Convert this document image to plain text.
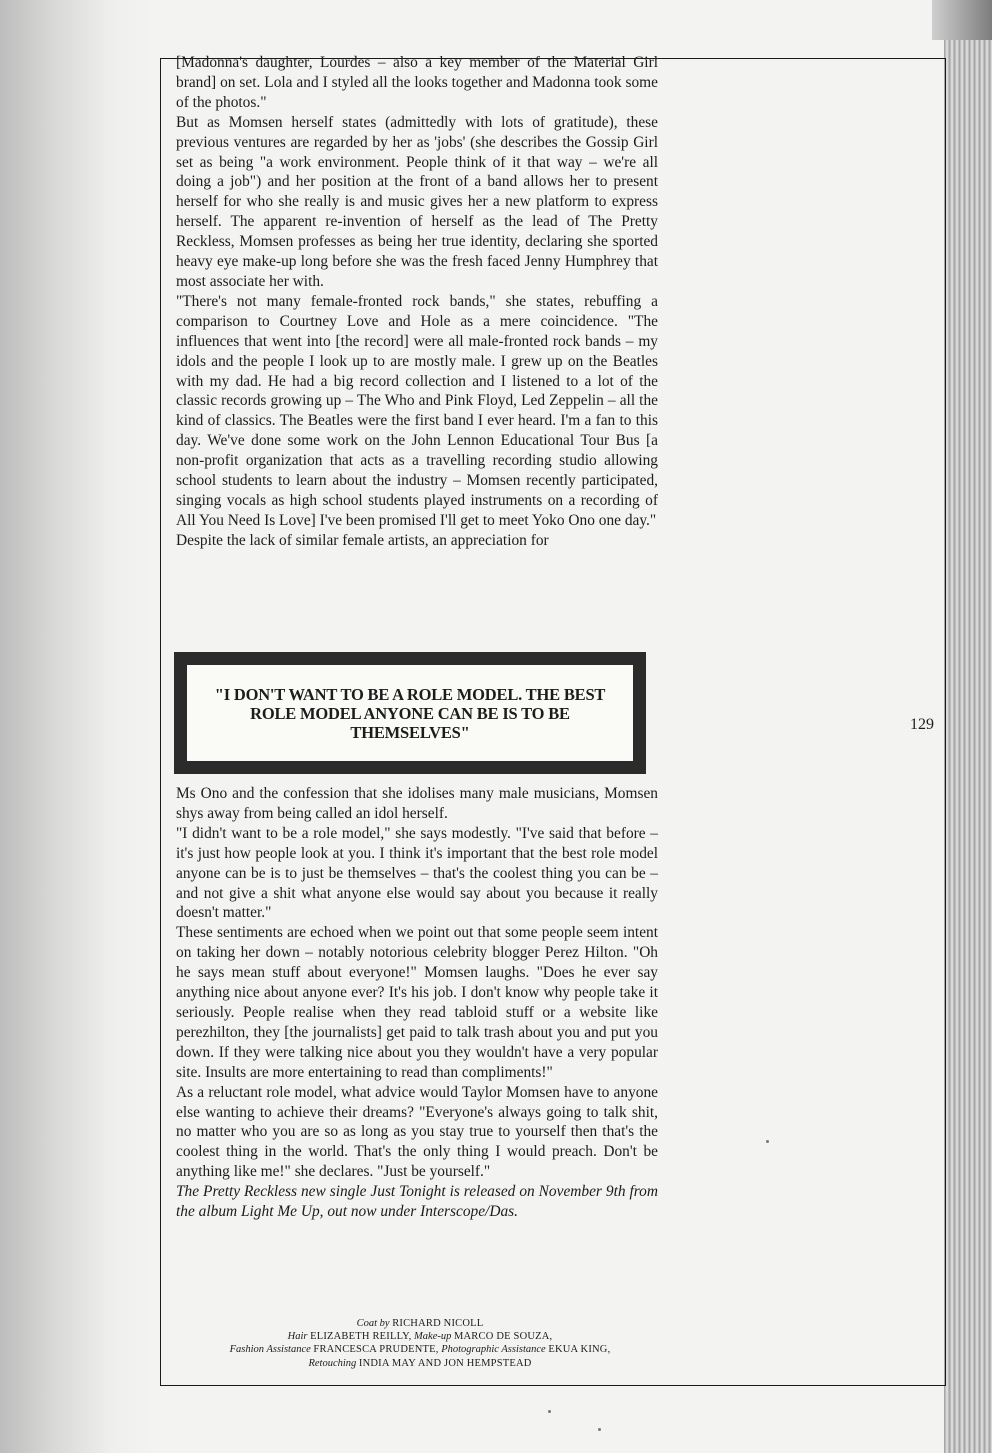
[Madonna's daughter, Lourdes – also a key member of the Material Girl brand] on set. Lola and I styled all the looks together and Madonna took some of the photos."

But as Momsen herself states (admittedly with lots of gratitude), these previous ventures are regarded by her as 'jobs' (she describes the Gossip Girl set as being "a work environment. People think of it that way – we're all doing a job") and her position at the front of a band allows her to present herself for who she really is and music gives her a new platform to express herself. The apparent re-invention of herself as the lead of The Pretty Reckless, Momsen professes as being her true identity, declaring she sported heavy eye make-up long before she was the fresh faced Jenny Humphrey that most associate her with.

"There's not many female-fronted rock bands," she states, rebuffing a comparison to Courtney Love and Hole as a mere coincidence. "The influences that went into [the record] were all male-fronted rock bands – my idols and the people I look up to are mostly male. I grew up on the Beatles with my dad. He had a big record collection and I listened to a lot of the classic records growing up – The Who and Pink Floyd, Led Zeppelin – all the kind of classics. The Beatles were the first band I ever heard. I'm a fan to this day. We've done some work on the John Lennon Educational Tour Bus [a non-profit organization that acts as a travelling recording studio allowing school students to learn about the industry – Momsen recently participated, singing vocals as high school students played instruments on a recording of All You Need Is Love] I've been promised I'll get to meet Yoko Ono one day."

Despite the lack of similar female artists, an appreciation for

"I DON'T WANT TO BE A ROLE MODEL. THE BEST ROLE MODEL ANYONE CAN BE IS TO BE THEMSELVES"	129

Ms Ono and the confession that she idolises many male musicians, Momsen shys away from being called an idol herself.

"I didn't want to be a role model," she says modestly. "I've said that before – it's just how people look at you. I think it's important that the best role model anyone can be is to just be themselves – that's the coolest thing you can be – and not give a shit what anyone else would say about you because it really doesn't matter."

These sentiments are echoed when we point out that some people seem intent on taking her down – notably notorious celebrity blogger Perez Hilton. "Oh he says mean stuff about everyone!" Momsen laughs. "Does he ever say anything nice about anyone ever? It's his job. I don't know why people take it seriously. People realise when they read tabloid stuff or a website like perezhilton, they [the journalists] get paid to talk trash about you and put you down. If they were talking nice about you they wouldn't have a very popular site. Insults are more entertaining to read than compliments!"

As a reluctant role model, what advice would Taylor Momsen have to anyone else wanting to achieve their dreams? "Everyone's always going to talk shit, no matter who you are so as long as you stay true to yourself then that's the coolest thing in the world. That's the only thing I would preach. Don't be anything like me!" she declares. "Just be yourself."

The Pretty Reckless new single Just Tonight is released on November 9th from the album Light Me Up, out now under Interscope/Das.

Coat by RICHARD NICOLL
Hair ELIZABETH REILLY, Make-up MARCO DE SOUZA,
Fashion Assistance FRANCESCA PRUDENTE, Photographic Assistance EKUA KING,
Retouching INDIA MAY AND JON HEMPSTEAD
